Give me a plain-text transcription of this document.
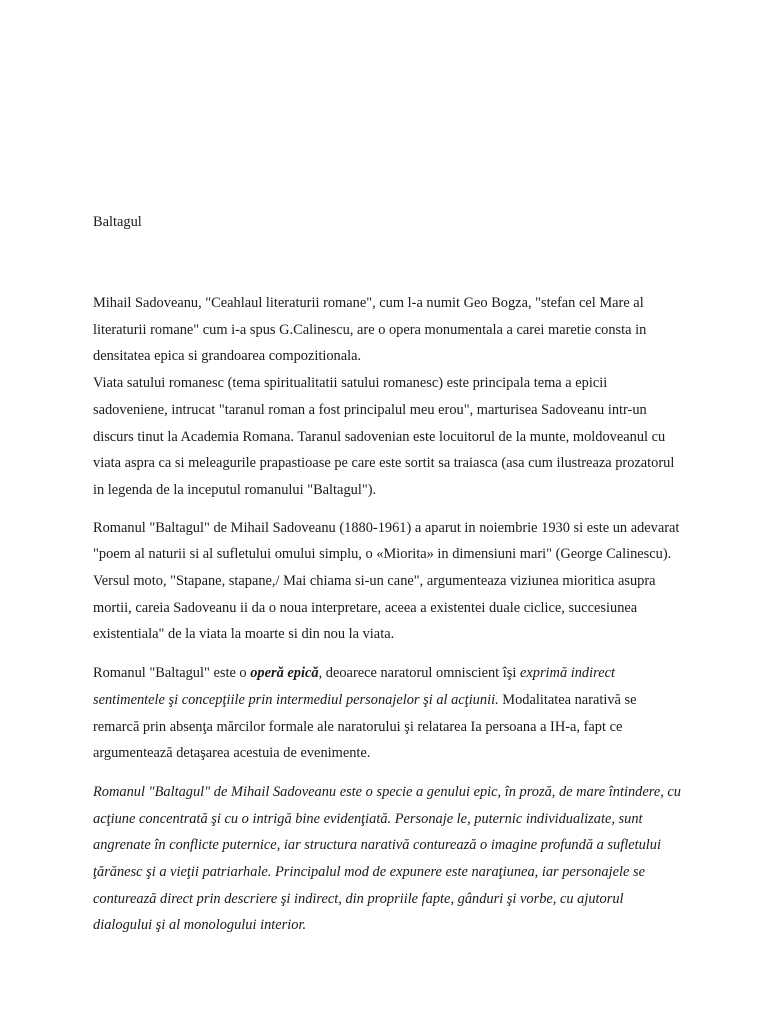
Baltagul

Mihail Sadoveanu, "Ceahlaul literaturii romane", cum l-a numit Geo Bogza, "stefan cel Mare al literaturii romane" cum i-a spus G.Calinescu, are o opera monumentala a carei maretie consta in densitatea epica si grandoarea compozitionala.

Viata satului romanesc (tema spiritualitatii satului romanesc) este principala tema a epicii sadoveniene, intrucat "taranul roman a fost principalul meu erou", marturisea Sadoveanu intr-un discurs tinut la Academia Romana. Taranul sadovenian este locuitorul de la munte, moldoveanul cu viata aspra ca si meleagurile prapastioase pe care este sortit sa traiasca (asa cum ilustreaza prozatorul in legenda de la inceputul romanului "Baltagul").

Romanul "Baltagul" de Mihail Sadoveanu (1880-1961) a aparut in noiembrie 1930 si este un adevarat "poem al naturii si al sufletului omului simplu, o «Miorita» in dimensiuni mari" (George Calinescu). Versul moto, "Stapane, stapane,/ Mai chiama si-un cane", argumenteaza viziunea mioritica asupra mortii, careia Sadoveanu ii da o noua interpretare, aceea a existentei duale ciclice, succesiunea existentiala" de la viata la moarte si din nou la viata.

Romanul "Baltagul" este o operă epică, deoarece naratorul omniscient îşi exprimă indirect sentimentele şi concepţiile prin intermediul personajelor şi al acţiunii. Modalitatea narativă se remarcă prin absenţa mărcilor formale ale naratorului şi relatarea Ia persoana a IH-a, fapt ce argumentează detaşarea acestuia de evenimente.

Romanul "Baltagul" de Mihail Sadoveanu este o specie a genului epic, în proză, de mare întindere, cu acţiune concentrată şi cu o intrigă bine evidenţiată. Personaje le, puternic individualizate, sunt angrenate în conflicte puternice, iar structura narativă conturează o imagine profundă a sufletului ţărănesc şi a vieţii patriarhale. Principalul mod de expunere este naraţiunea, iar personajele se conturează direct prin descriere şi indirect, din propriile fapte, gânduri şi vorbe, cu ajutorul dialogului şi al monologului interior.
